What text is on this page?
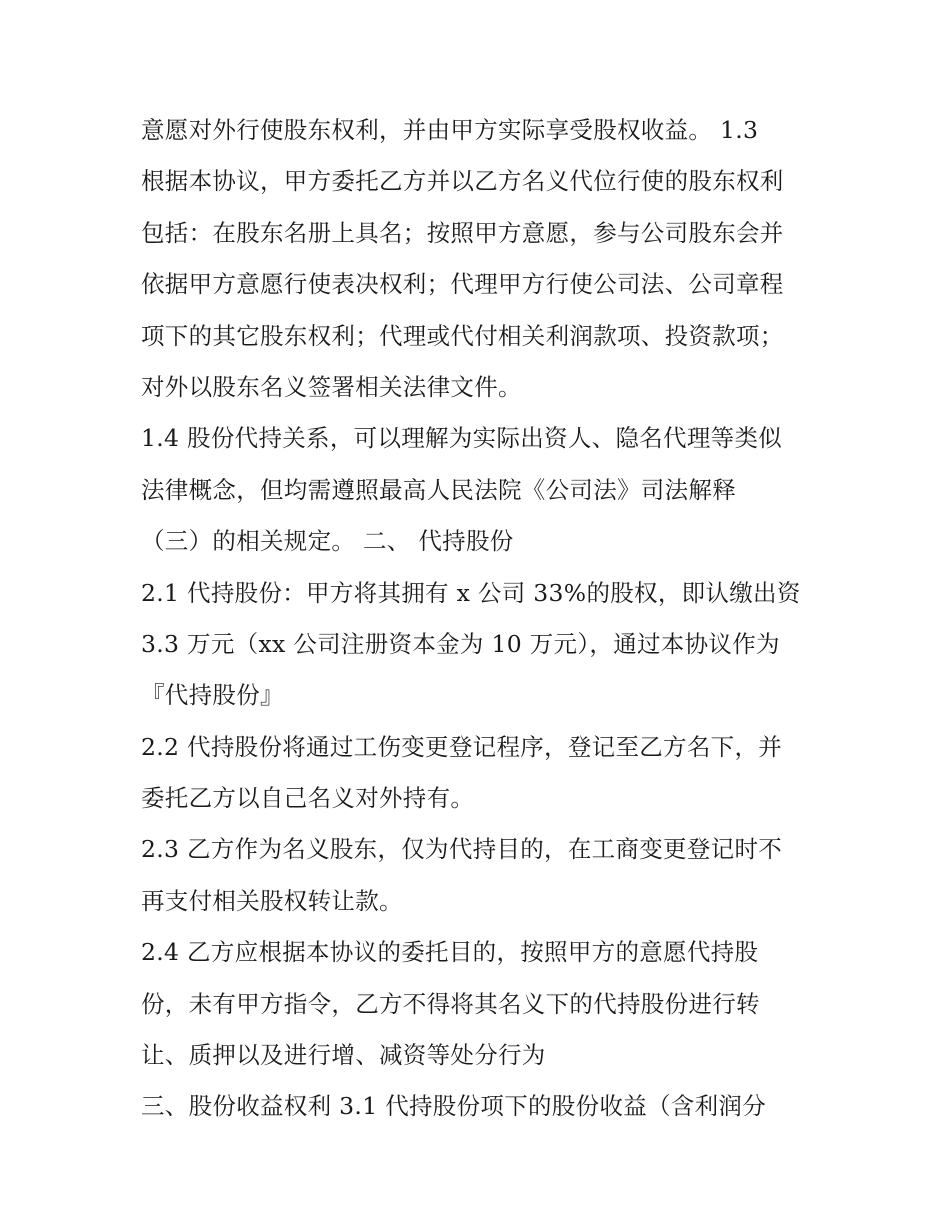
意愿对外行使股东权利，并由甲方实际享受股权收益。 1.3
根据本协议，甲方委托乙方并以乙方名义代位行使的股东权利
包括：在股东名册上具名；按照甲方意愿，参与公司股东会并
依据甲方意愿行使表决权利；代理甲方行使公司法、公司章程
项下的其它股东权利；代理或代付相关利润款项、投资款项；
对外以股东名义签署相关法律文件。
1.4 股份代持关系，可以理解为实际出资人、隐名代理等类似
法律概念，但均需遵照最高人民法院《公司法》司法解释
（三）的相关规定。 二、 代持股份
2.1 代持股份：甲方将其拥有 x 公司 33%的股权，即认缴出资
3.3 万元（xx 公司注册资本金为 10 万元），通过本协议作为
『代持股份』
2.2 代持股份将通过工伤变更登记程序，登记至乙方名下，并
委托乙方以自己名义对外持有。
2.3 乙方作为名义股东，仅为代持目的，在工商变更登记时不
再支付相关股权转让款。
2.4 乙方应根据本协议的委托目的，按照甲方的意愿代持股
份，未有甲方指令，乙方不得将其名义下的代持股份进行转
让、质押以及进行增、减资等处分行为
三、股份收益权利 3.1 代持股份项下的股份收益（含利润分
